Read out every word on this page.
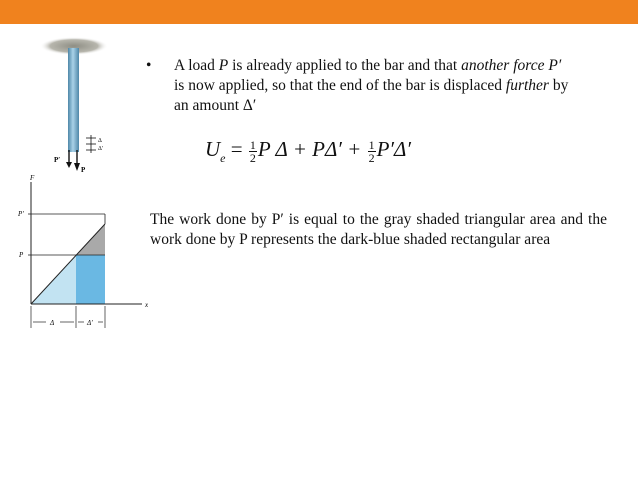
P′
P
Δ
Δ′
F
x
P′
P
Δ	Δ′
• A load P is already applied to the bar and that another force P′
is now applied, so that the end of the bar is displaced further by
an amount Δ′
$U_e = \frac{1}{2}$ P $\Delta + P\Delta' + \frac{1}{2} P'\Delta'$
The work done by P′ is equal to the gray shaded triangular area and the work done by P represents the dark-blue shaded rectangular area
